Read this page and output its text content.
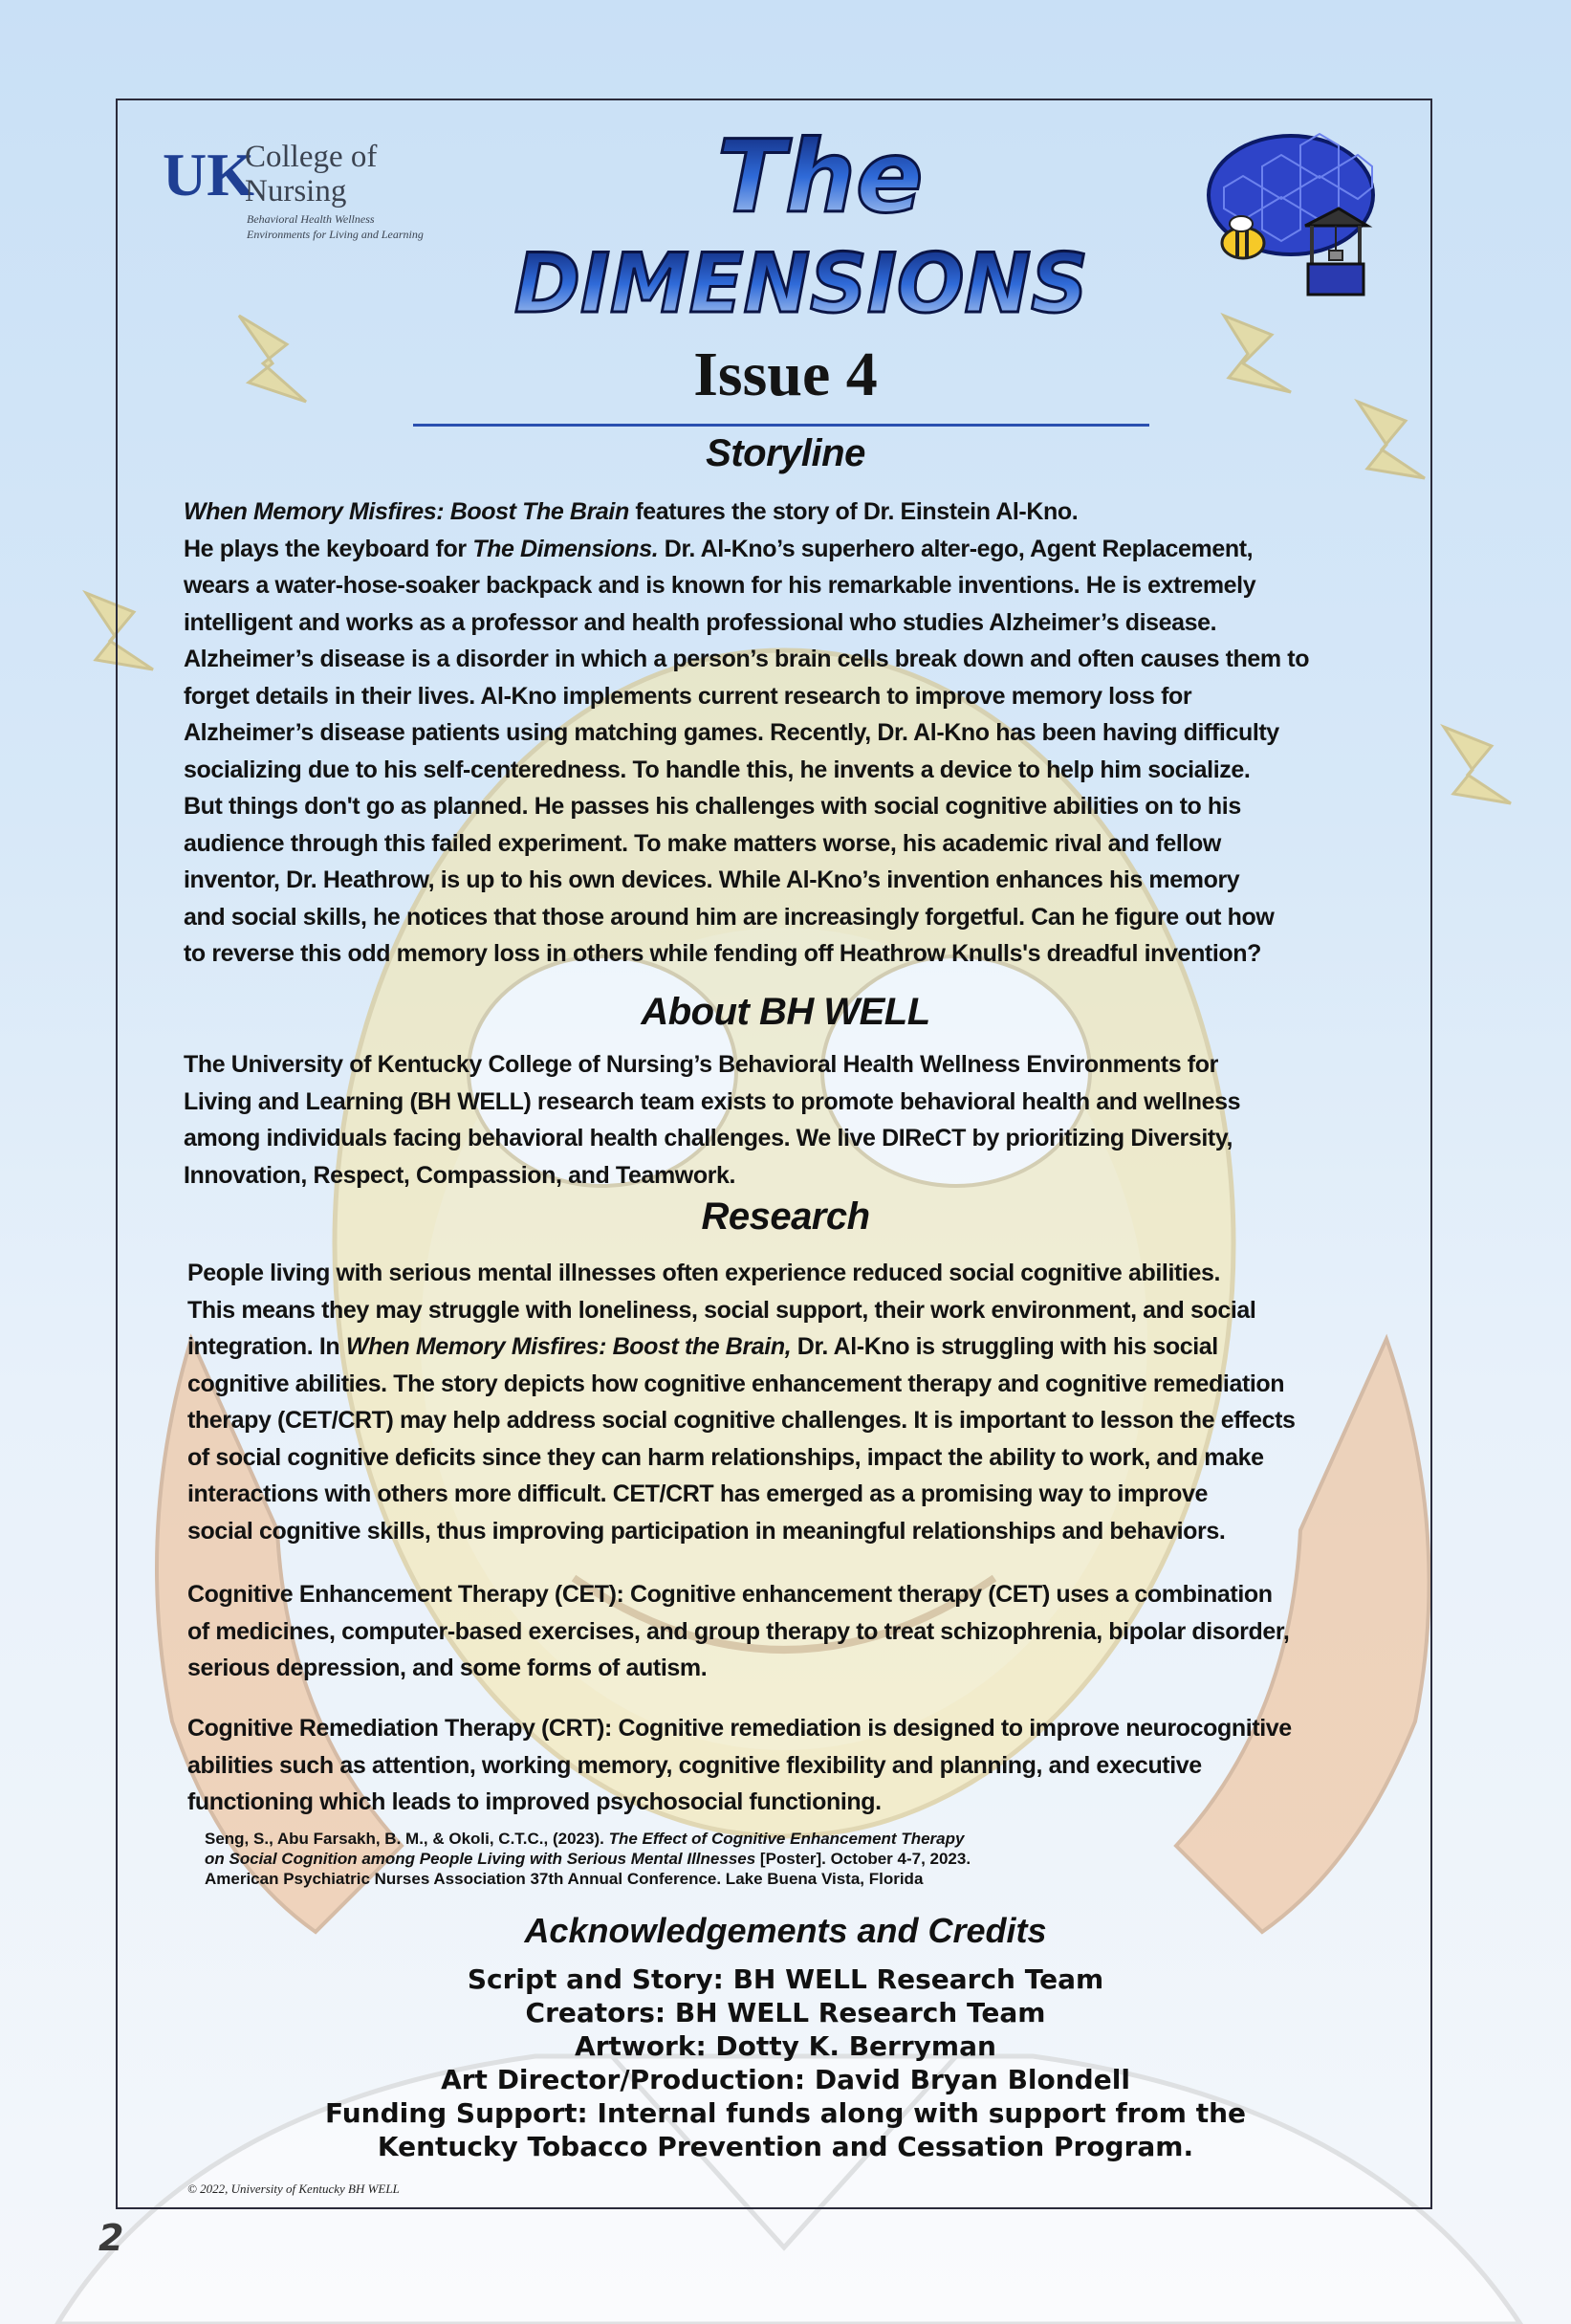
UK
College of
Nursing
Behavioral Health Wellness
Environments for Living and Learning	The
DIMENSIONS
Issue 4
Storyline
When Memory Misfires: Boost The Brain features the story of Dr. Einstein Al-Kno.
He plays the keyboard for The Dimensions. Dr. Al-Kno’s superhero alter-ego, Agent Replacement,
wears a water-hose-soaker backpack and is known for his remarkable inventions. He is extremely
intelligent and works as a professor and health professional who studies Alzheimer’s disease.
Alzheimer’s disease is a disorder in which a person’s brain cells break down and often causes them to
forget details in their lives. Al-Kno implements current research to improve memory loss for
Alzheimer’s disease patients using matching games. Recently, Dr. Al-Kno has been having difficulty
socializing due to his self-centeredness. To handle this, he invents a device to help him socialize.
But things don't go as planned. He passes his challenges with social cognitive abilities on to his
audience through this failed experiment. To make matters worse, his academic rival and fellow
inventor, Dr. Heathrow, is up to his own devices. While Al-Kno’s invention enhances his memory
and social skills, he notices that those around him are increasingly forgetful. Can he figure out how
to reverse this odd memory loss in others while fending off Heathrow Knulls's dreadful invention?
About BH WELL
The University of Kentucky College of Nursing’s Behavioral Health Wellness Environments for
Living and Learning (BH WELL) research team exists to promote behavioral health and wellness
among individuals facing behavioral health challenges. We live DIReCT by prioritizing Diversity,
Innovation, Respect, Compassion, and Teamwork.
Research
People living with serious mental illnesses often experience reduced social cognitive abilities.
This means they may struggle with loneliness, social support, their work environment, and social
integration. In When Memory Misfires: Boost the Brain, Dr. Al-Kno is struggling with his social
cognitive abilities. The story depicts how cognitive enhancement therapy and cognitive remediation
therapy (CET/CRT) may help address social cognitive challenges. It is important to lesson the effects
of social cognitive deficits since they can harm relationships, impact the ability to work, and make
interactions with others more difficult. CET/CRT has emerged as a promising way to improve
social cognitive skills, thus improving participation in meaningful relationships and behaviors.
Cognitive Enhancement Therapy (CET): Cognitive enhancement therapy (CET) uses a combination
of medicines, computer-based exercises, and group therapy to treat schizophrenia, bipolar disorder,
serious depression, and some forms of autism.
Cognitive Remediation Therapy (CRT): Cognitive remediation is designed to improve neurocognitive
abilities such as attention, working memory, cognitive flexibility and planning, and executive
functioning which leads to improved psychosocial functioning.
Seng, S., Abu Farsakh, B. M., & Okoli, C.T.C., (2023). The Effect of Cognitive Enhancement Therapy
on Social Cognition among People Living with Serious Mental Illnesses [Poster]. October 4-7, 2023.
American Psychiatric Nurses Association 37th Annual Conference. Lake Buena Vista, Florida
Acknowledgements and Credits
Script and Story: BH WELL Research Team
Creators: BH WELL Research Team
Artwork: Dotty K. Berryman
Art Director/Production: David Bryan Blondell
Funding Support: Internal funds along with support from the
Kentucky Tobacco Prevention and Cessation Program.
© 2022, University of Kentucky BH WELL
2
